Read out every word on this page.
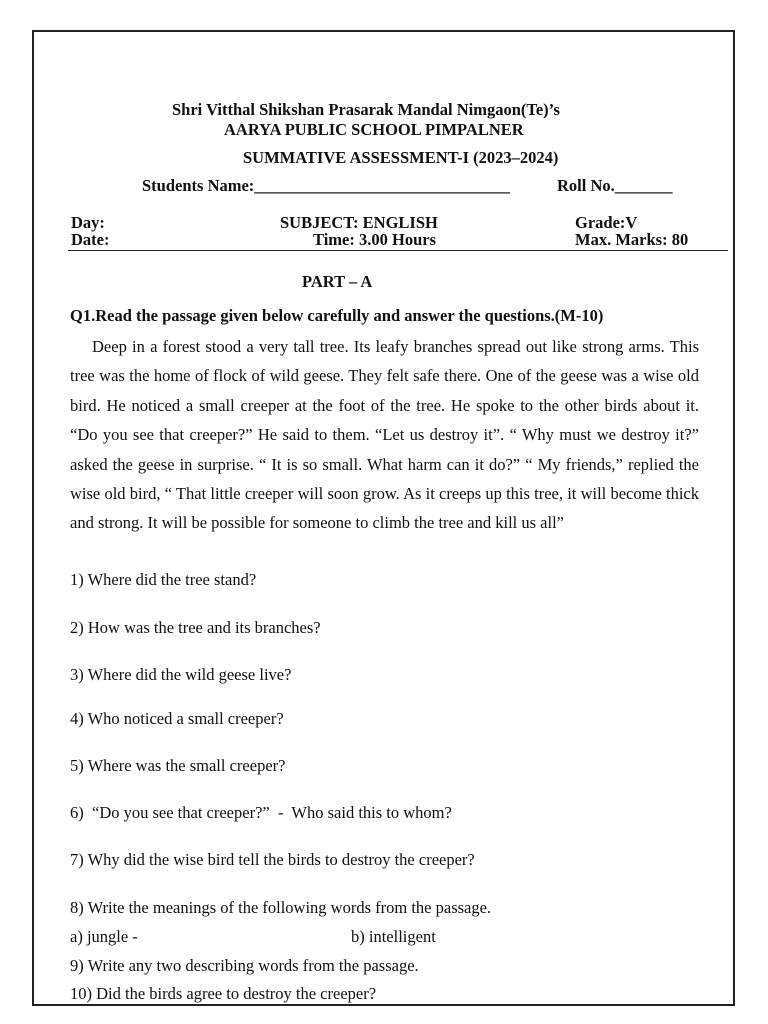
Shri Vitthal Shikshan Prasarak Mandal Nimgaon(Te)’s
AARYA PUBLIC SCHOOL PIMPALNER
SUMMATIVE ASSESSMENT-I (2023–2024)
Students Name:_______________________________	Roll No._______
Day:
Date:
SUBJECT: ENGLISH
Time: 3.00 Hours
Grade:V
Max. Marks: 80
PART – A
Q1.Read the passage given below carefully and answer the questions.(M-10)
Deep in a forest stood a very tall tree. Its leafy branches spread out like strong arms. This tree was the home of flock of wild geese. They felt safe there. One of the geese was a wise old bird. He noticed a small creeper at the foot of the tree. He spoke to the other birds about it. “Do you see that creeper?” He said to them. “Let us destroy it”. “ Why must we destroy it?” asked the geese in surprise. “ It is so small. What harm can it do?” “ My friends,” replied the wise old bird, “ That little creeper will soon grow. As it creeps up this tree, it will become thick and strong. It will be possible for someone to climb the tree and kill us all”
1) Where did the tree stand?
2) How was the tree and its branches?
3) Where did the wild geese live?
4) Who noticed a small creeper?
5) Where was the small creeper?
6)  “Do you see that creeper?”  -  Who said this to whom?
7) Why did the wise bird tell the birds to destroy the creeper?
8) Write the meanings of the following words from the passage.
a) jungle -	b) intelligent
9) Write any two describing words from the passage.
10) Did the birds agree to destroy the creeper?
